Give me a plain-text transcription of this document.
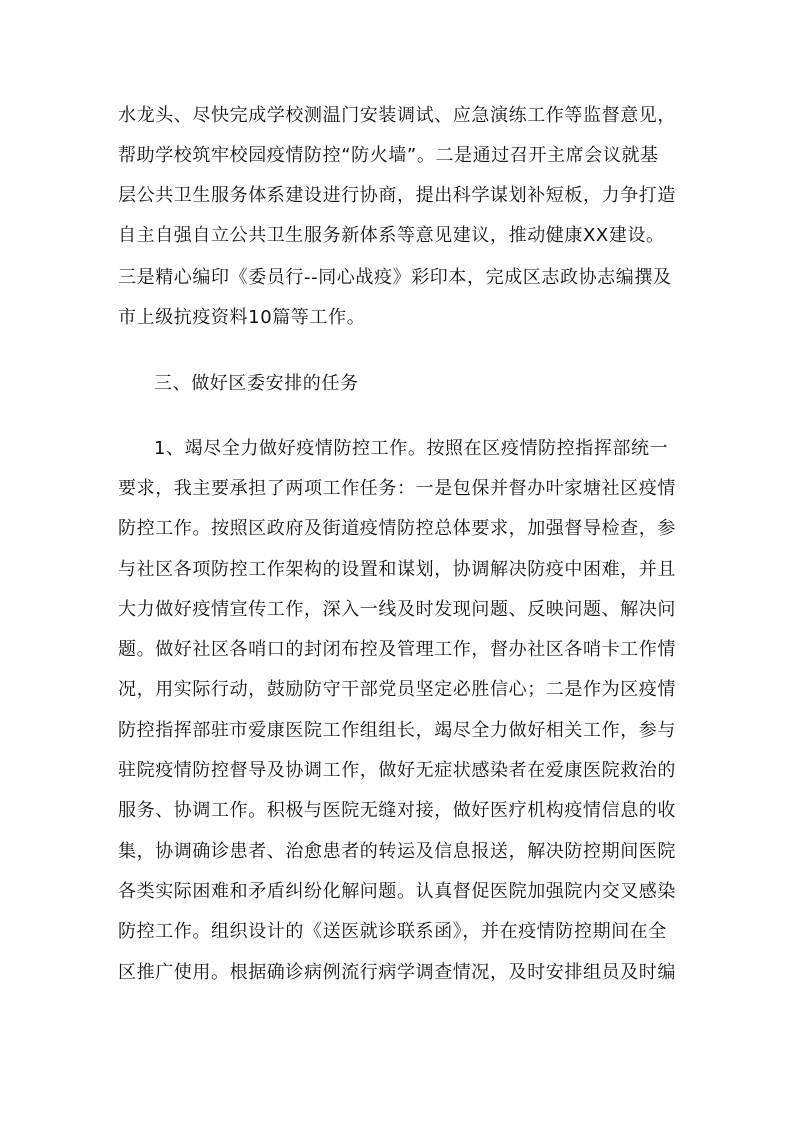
水龙头、尽快完成学校测温门安装调试、应急演练工作等监督意见，
帮助学校筑牢校园疫情防控“防火墙”。二是通过召开主席会议就基
层公共卫生服务体系建设进行协商，提出科学谋划补短板，力争打造
自主自强自立公共卫生服务新体系等意见建议，推动健康XX建设。
三是精心编印《委员行--同心战疫》彩印本，完成区志政协志编撰及
市上级抗疫资料10篇等工作。
三、做好区委安排的任务
1、竭尽全力做好疫情防控工作。按照在区疫情防控指挥部统一
要求，我主要承担了两项工作任务：一是包保并督办叶家塘社区疫情
防控工作。按照区政府及街道疫情防控总体要求，加强督导检查，参
与社区各项防控工作架构的设置和谋划，协调解决防疫中困难，并且
大力做好疫情宣传工作，深入一线及时发现问题、反映问题、解决问
题。做好社区各哨口的封闭布控及管理工作，督办社区各哨卡工作情
况，用实际行动，鼓励防守干部党员坚定必胜信心；二是作为区疫情
防控指挥部驻市爱康医院工作组组长，竭尽全力做好相关工作，参与
驻院疫情防控督导及协调工作，做好无症状感染者在爱康医院救治的
服务、协调工作。积极与医院无缝对接，做好医疗机构疫情信息的收
集，协调确诊患者、治愈患者的转运及信息报送，解决防控期间医院
各类实际困难和矛盾纠纷化解问题。认真督促医院加强院内交叉感染
防控工作。组织设计的《送医就诊联系函》，并在疫情防控期间在全
区推广使用。根据确诊病例流行病学调查情况，及时安排组员及时编
